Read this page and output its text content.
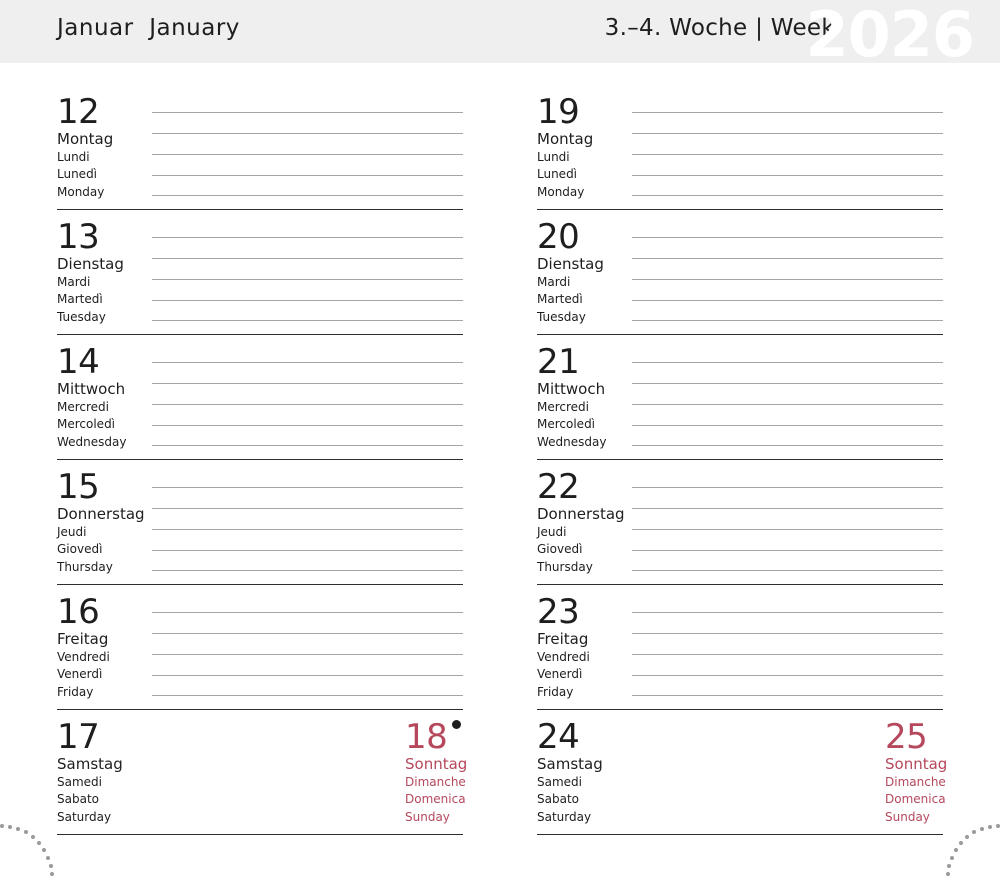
Januar  January	3.–4. Woche | Week
2026
12
Montag
Lundi
Lunedì
Monday
13
Dienstag
Mardi
Martedì
Tuesday
14
Mittwoch
Mercredi
Mercoledì
Wednesday
15
Donnerstag
Jeudi
Giovedì
Thursday
16
Freitag
Vendredi
Venerdì
Friday
17
Samstag
Samedi
Sabato
Saturday
18
Sonntag
Dimanche
Domenica
Sunday
19
Montag
Lundi
Lunedì
Monday
20
Dienstag
Mardi
Martedì
Tuesday
21
Mittwoch
Mercredi
Mercoledì
Wednesday
22
Donnerstag
Jeudi
Giovedì
Thursday
23
Freitag
Vendredi
Venerdì
Friday
24
Samstag
Samedi
Sabato
Saturday
25
Sonntag
Dimanche
Domenica
Sunday
